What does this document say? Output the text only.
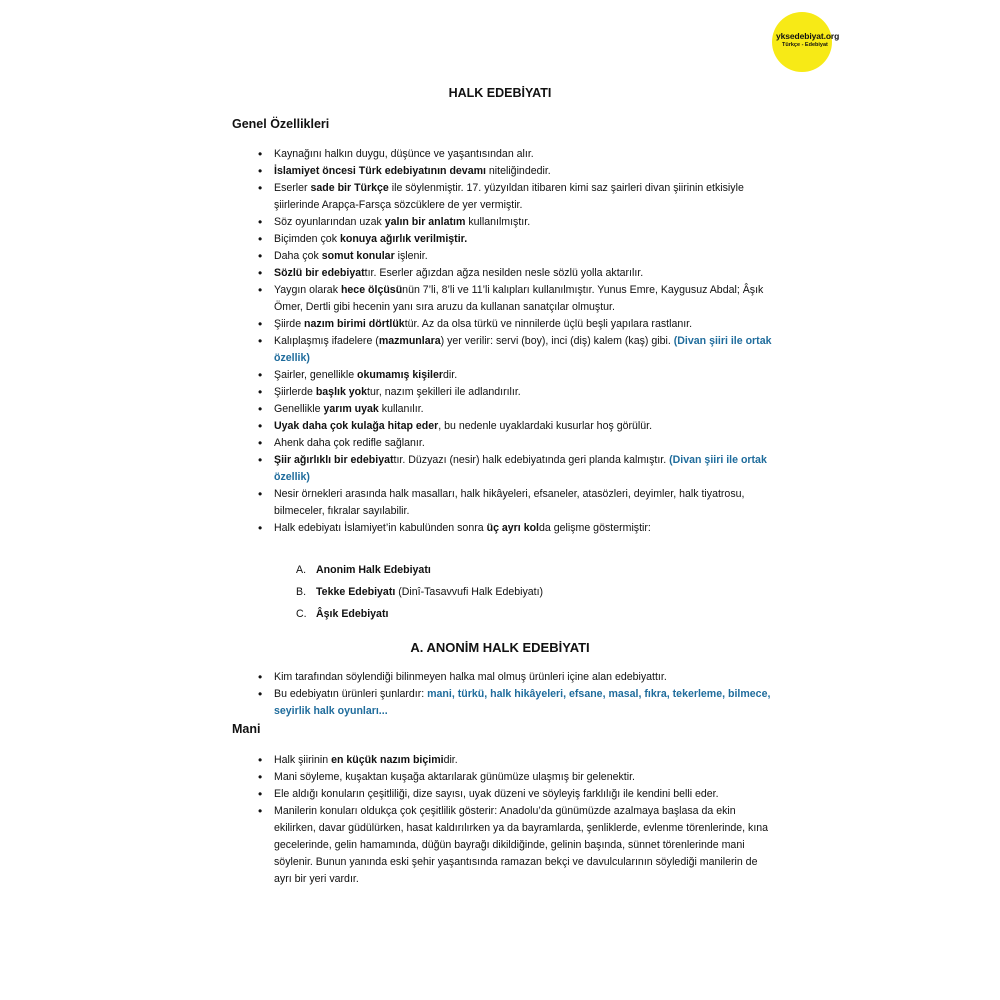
yksedebiyat.org
Türkçe - Edebiyat
HALK EDEBİYATI
Genel Özellikleri
• Kaynağını halkın duygu, düşünce ve yaşantısından alır.
• İslamiyet öncesi Türk edebiyatının devamı niteliğindedir.
• Eserler sade bir Türkçe ile söylenmiştir. 17. yüzyıldan itibaren kimi saz şairleri divan şiirinin etkisiyle şiirlerinde Arapça-Farsça sözcüklere de yer vermiştir.
• Söz oyunlarından uzak yalın bir anlatım kullanılmıştır.
• Biçimden çok konuya ağırlık verilmiştir.
• Daha çok somut konular işlenir.
• Sözlü bir edebiyattır. Eserler ağızdan ağza nesilden nesle sözlü yolla aktarılır.
• Yaygın olarak hece ölçüsünün 7’li, 8’li ve 11’li kalıpları kullanılmıştır. Yunus Emre, Kaygusuz Abdal; Âşık Ömer, Dertli gibi hecenin yanı sıra aruzu da kullanan sanatçılar olmuştur.
• Şiirde nazım birimi dörtlüktür. Az da olsa türkü ve ninnilerde üçlü beşli yapılara rastlanır.
• Kalıplaşmış ifadelere (mazmunlara) yer verilir: servi (boy), inci (diş) kalem (kaş) gibi. (Divan şiiri ile ortak özellik)
• Şairler, genellikle okumamış kişilerdir.
• Şiirlerde başlık yoktur, nazım şekilleri ile adlandırılır.
• Genellikle yarım uyak kullanılır.
• Uyak daha çok kulağa hitap eder, bu nedenle uyaklardaki kusurlar hoş görülür.
• Ahenk daha çok redifle sağlanır.
• Şiir ağırlıklı bir edebiyattır. Düzyazı (nesir) halk edebiyatında geri planda kalmıştır. (Divan şiiri ile ortak özellik)
• Nesir örnekleri arasında halk masalları, halk hikâyeleri, efsaneler, atasözleri, deyimler, halk tiyatrosu, bilmeceler, fıkralar sayılabilir.
• Halk edebiyatı İslamiyet’in kabulünden sonra üç ayrı kolda gelişme göstermiştir:
A. Anonim Halk Edebiyatı
B. Tekke Edebiyatı (Dinî-Tasavvufi Halk Edebiyatı)
C. Âşık Edebiyatı
A. ANONİM HALK EDEBİYATI
• Kim tarafından söylendiği bilinmeyen halka mal olmuş ürünleri içine alan edebiyattır.
• Bu edebiyatın ürünleri şunlardır: mani, türkü, halk hikâyeleri, efsane, masal, fıkra, tekerleme, bilmece, seyirlik halk oyunları...
Mani
• Halk şiirinin en küçük nazım biçimidir.
• Mani söyleme, kuşaktan kuşağa aktarılarak günümüze ulaşmış bir gelenektir.
• Ele aldığı konuların çeşitliliği, dize sayısı, uyak düzeni ve söyleyiş farklılığı ile kendini belli eder.
• Manilerin konuları oldukça çok çeşitlilik gösterir: Anadolu’da günümüzde azalmaya başlasa da ekin ekilirken, davar güdülürken, hasat kaldırılırken ya da bayramlarda, şenliklerde, evlenme törenlerinde, kına gecelerinde, gelin hamamında, düğün bayrağı dikildiğinde, gelinin başında, sünnet törenlerinde mani söylenir. Bunun yanında eski şehir yaşantısında ramazan bekçi ve davulcularının söylediği manilerin de ayrı bir yeri vardır.
